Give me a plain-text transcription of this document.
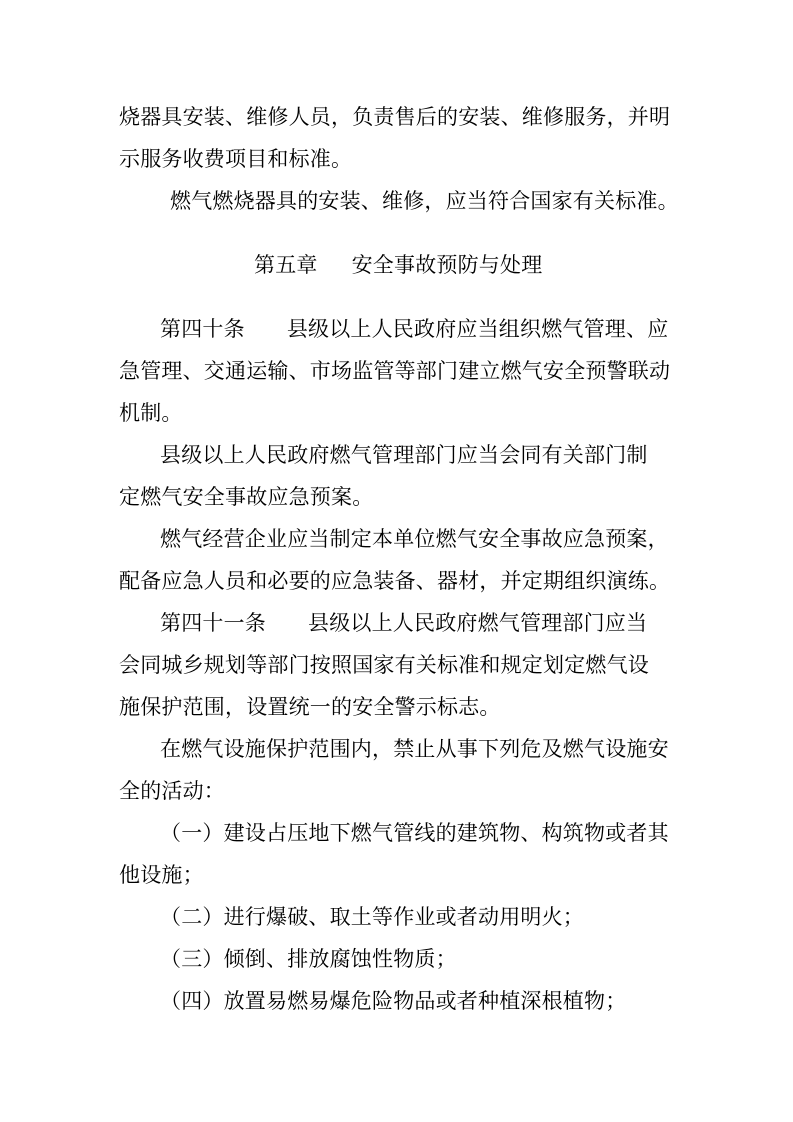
烧器具安装、维修人员，负责售后的安装、维修服务，并明
示服务收费项目和标准。
燃气燃烧器具的安装、维修，应当符合国家有关标准。
第五章 安全事故预防与处理
第四十条 县级以上人民政府应当组织燃气管理、应
急管理、交通运输、市场监管等部门建立燃气安全预警联动
机制。
县级以上人民政府燃气管理部门应当会同有关部门制
定燃气安全事故应急预案。
燃气经营企业应当制定本单位燃气安全事故应急预案，
配备应急人员和必要的应急装备、器材，并定期组织演练。
第四十一条 县级以上人民政府燃气管理部门应当
会同城乡规划等部门按照国家有关标准和规定划定燃气设
施保护范围，设置统一的安全警示标志。
在燃气设施保护范围内，禁止从事下列危及燃气设施安
全的活动：
（一）建设占压地下燃气管线的建筑物、构筑物或者其
他设施；
（二）进行爆破、取土等作业或者动用明火；
（三）倾倒、排放腐蚀性物质；
（四）放置易燃易爆危险物品或者种植深根植物；
